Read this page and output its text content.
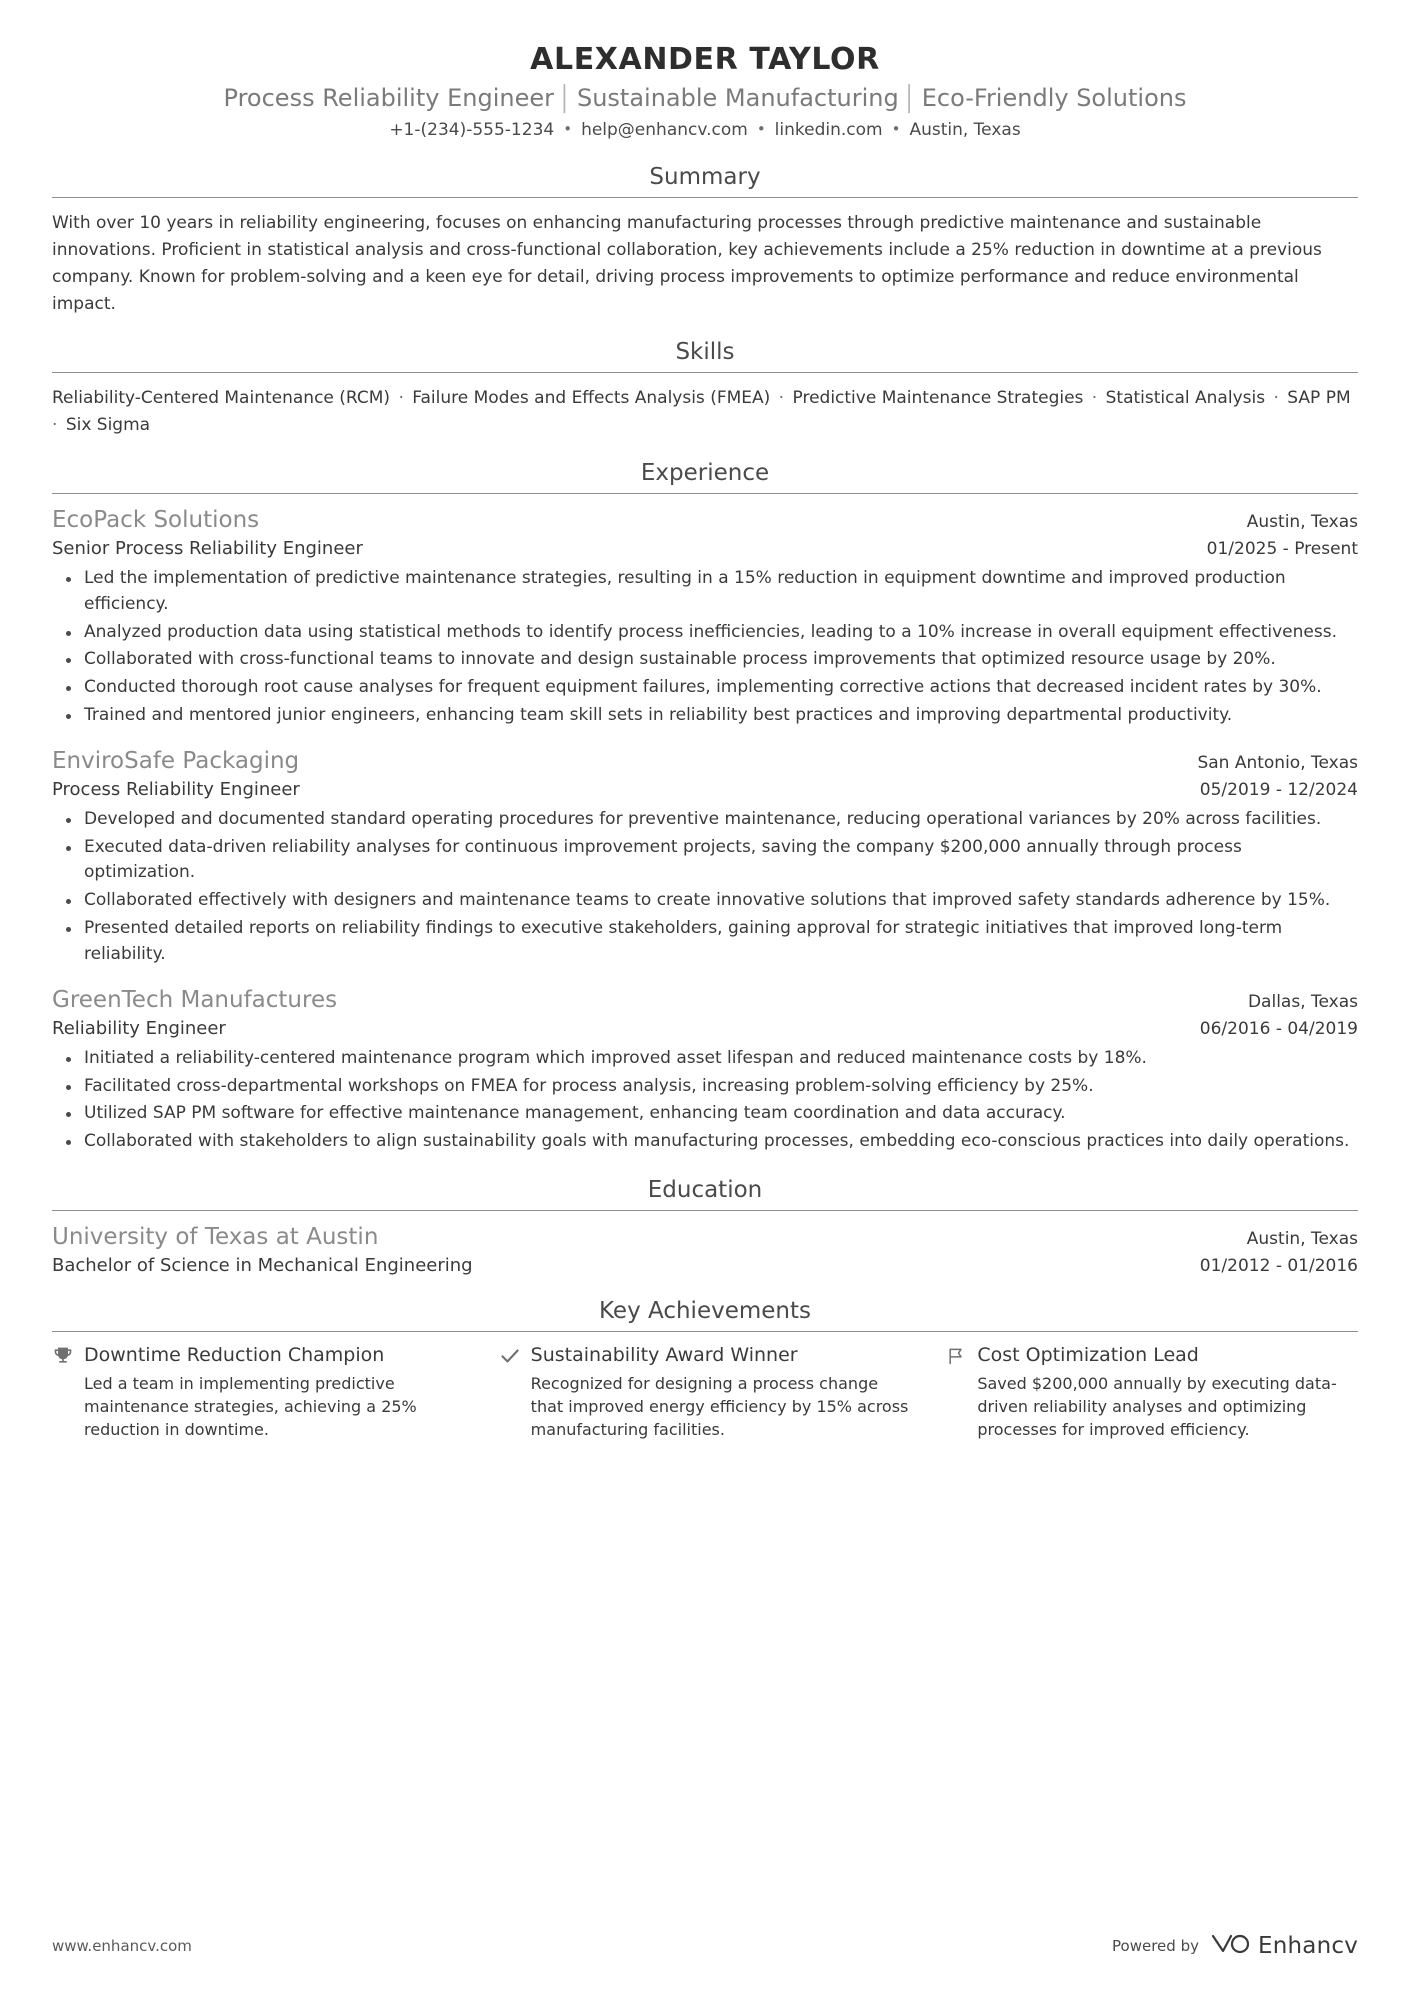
ALEXANDER TAYLOR
Process Reliability Engineer │ Sustainable Manufacturing │ Eco-Friendly Solutions
+1-(234)-555-1234 • help@enhancv.com • linkedin.com • Austin, Texas
Summary
With over 10 years in reliability engineering, focuses on enhancing manufacturing processes through predictive maintenance and sustainable innovations. Proficient in statistical analysis and cross-functional collaboration, key achievements include a 25% reduction in downtime at a previous company. Known for problem-solving and a keen eye for detail, driving process improvements to optimize performance and reduce environmental impact.
Skills
Reliability-Centered Maintenance (RCM) · Failure Modes and Effects Analysis (FMEA) · Predictive Maintenance Strategies · Statistical Analysis · SAP PM · Six Sigma
Experience
EcoPack Solutions	Austin, Texas
Senior Process Reliability Engineer	01/2025 - Present
Led the implementation of predictive maintenance strategies, resulting in a 15% reduction in equipment downtime and improved production efficiency.
Analyzed production data using statistical methods to identify process inefficiencies, leading to a 10% increase in overall equipment effectiveness.
Collaborated with cross-functional teams to innovate and design sustainable process improvements that optimized resource usage by 20%.
Conducted thorough root cause analyses for frequent equipment failures, implementing corrective actions that decreased incident rates by 30%.
Trained and mentored junior engineers, enhancing team skill sets in reliability best practices and improving departmental productivity.
EnviroSafe Packaging	San Antonio, Texas
Process Reliability Engineer	05/2019 - 12/2024
Developed and documented standard operating procedures for preventive maintenance, reducing operational variances by 20% across facilities.
Executed data-driven reliability analyses for continuous improvement projects, saving the company $200,000 annually through process optimization.
Collaborated effectively with designers and maintenance teams to create innovative solutions that improved safety standards adherence by 15%.
Presented detailed reports on reliability findings to executive stakeholders, gaining approval for strategic initiatives that improved long-term reliability.
GreenTech Manufactures	Dallas, Texas
Reliability Engineer	06/2016 - 04/2019
Initiated a reliability-centered maintenance program which improved asset lifespan and reduced maintenance costs by 18%.
Facilitated cross-departmental workshops on FMEA for process analysis, increasing problem-solving efficiency by 25%.
Utilized SAP PM software for effective maintenance management, enhancing team coordination and data accuracy.
Collaborated with stakeholders to align sustainability goals with manufacturing processes, embedding eco-conscious practices into daily operations.
Education
University of Texas at Austin	Austin, Texas
Bachelor of Science in Mechanical Engineering	01/2012 - 01/2016
Key Achievements
Downtime Reduction Champion
Led a team in implementing predictive maintenance strategies, achieving a 25% reduction in downtime.
Sustainability Award Winner
Recognized for designing a process change that improved energy efficiency by 15% across manufacturing facilities.
Cost Optimization Lead
Saved $200,000 annually by executing data-driven reliability analyses and optimizing processes for improved efficiency.
www.enhancv.com	Powered by	Enhancv
